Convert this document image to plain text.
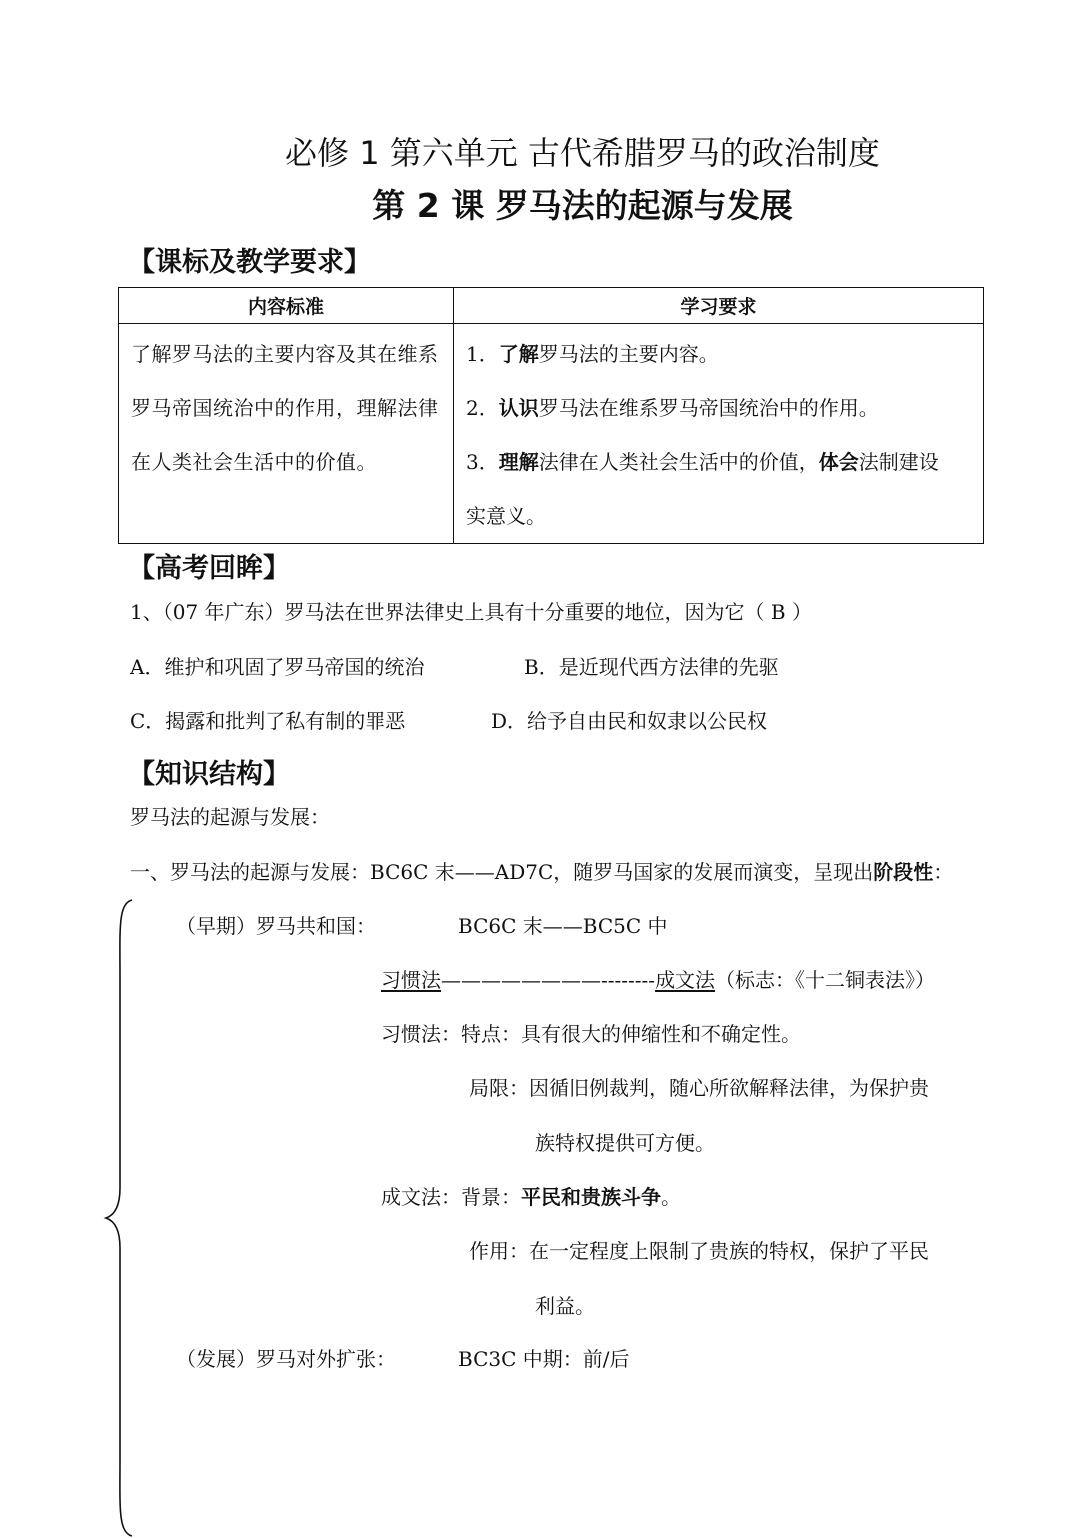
必修 1 第六单元 古代希腊罗马的政治制度
第 2 课 罗马法的起源与发展
【课标及教学要求】
内容标准	学习要求

了解罗马法的主要内容及其在维系罗马帝国统治中的作用，理解法律在人类社会生活中的价值。	1．了解罗马法的主要内容。
2．认识罗马法在维系罗马帝国统治中的作用。
3．理解法律在人类社会生活中的价值，体会法制建设
实意义。
【高考回眸】
1、（07 年广东）罗马法在世界法律史上具有十分重要的地位，因为它（ B ）
A．维护和巩固了罗马帝国的统治	B．是近现代西方法律的先驱
C．揭露和批判了私有制的罪恶	D．给予自由民和奴隶以公民权
【知识结构】
罗马法的起源与发展：
一、罗马法的起源与发展：BC6C 末——AD7C，随罗马国家的发展而演变，呈现出阶段性：
（早期）罗马共和国：	BC6C 末——BC5C 中
习惯法————————--------成文法（标志：《十二铜表法》）
习惯法：特点：具有很大的伸缩性和不确定性。
局限：因循旧例裁判，随心所欲解释法律，为保护贵
族特权提供可方便。
成文法：背景：平民和贵族斗争。
作用：在一定程度上限制了贵族的特权，保护了平民
利益。
（发展）罗马对外扩张：	BC3C 中期：前/后
